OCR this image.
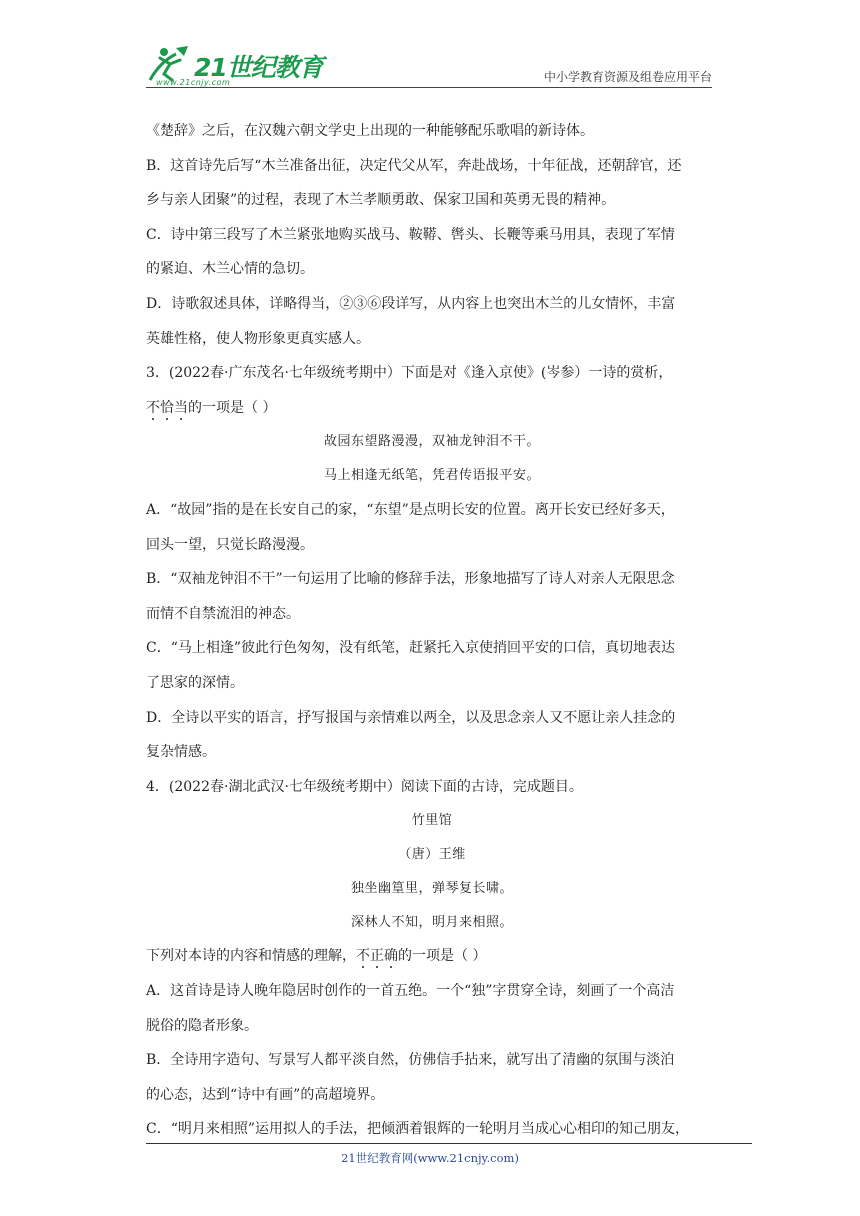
21世纪教育
www.21cnjy.com	中小学教育资源及组卷应用平台

《楚辞》之后，在汉魏六朝文学史上出现的一种能够配乐歌唱的新诗体。

B．这首诗先后写“木兰准备出征，决定代父从军，奔赴战场，十年征战，还朝辞官，还

乡与亲人团聚”的过程，表现了木兰孝顺勇敢、保家卫国和英勇无畏的精神。

C．诗中第三段写了木兰紧张地购买战马、鞍鞯、辔头、长鞭等乘马用具，表现了军情

的紧迫、木兰心情的急切。

D．诗歌叙述具体，详略得当，②③⑥段详写，从内容上也突出木兰的儿女情怀，丰富

英雄性格，使人物形象更真实感人。

3．(2022春·广东茂名·七年级统考期中）下面是对《逢入京使》(岑参）一诗的赏析，

不恰当的一项是（ ）

故园东望路漫漫，双袖龙钟泪不干。

马上相逢无纸笔，凭君传语报平安。

A．“故园”指的是在长安自己的家，“东望”是点明长安的位置。离开长安已经好多天，

回头一望，只觉长路漫漫。

B．“双袖龙钟泪不干”一句运用了比喻的修辞手法，形象地描写了诗人对亲人无限思念

而情不自禁流泪的神态。

C．“马上相逢”彼此行色匆匆，没有纸笔，赶紧托入京使捎回平安的口信，真切地表达

了思家的深情。

D．全诗以平实的语言，抒写报国与亲情难以两全，以及思念亲人又不愿让亲人挂念的

复杂情感。

4．(2022春·湖北武汉·七年级统考期中）阅读下面的古诗，完成题目。

竹里馆

（唐）王维

独坐幽篁里，弹琴复长啸。

深林人不知，明月来相照。

下列对本诗的内容和情感的理解，不正确的一项是（ ）

A．这首诗是诗人晚年隐居时创作的一首五绝。一个“独”字贯穿全诗，刻画了一个高洁

脱俗的隐者形象。

B．全诗用字造句、写景写人都平淡自然，仿佛信手拈来，就写出了清幽的氛围与淡泊

的心态，达到“诗中有画”的高超境界。

C．“明月来相照”运用拟人的手法，把倾洒着银辉的一轮明月当成心心相印的知己朋友，

21世纪教育网(www.21cnjy.com)
